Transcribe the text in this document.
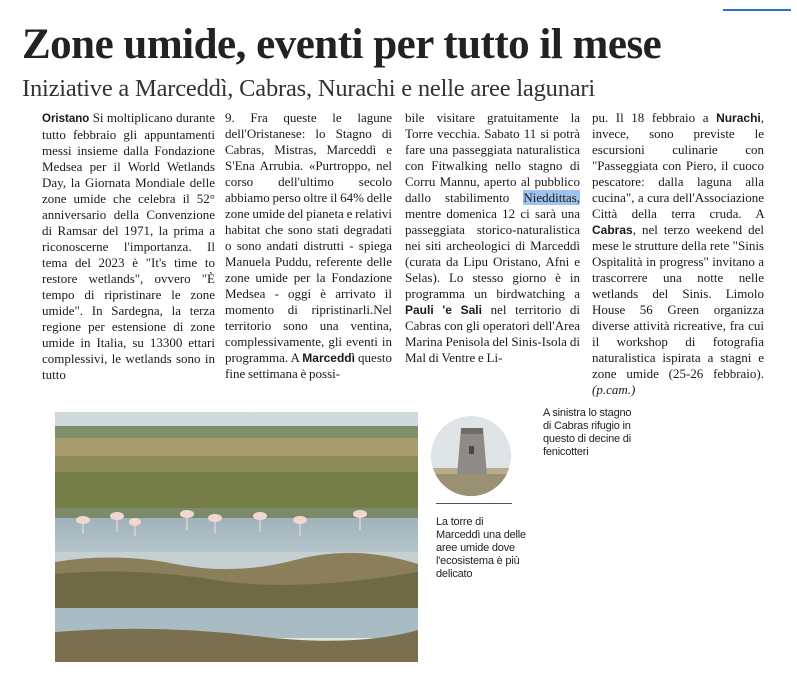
Zone umide, eventi per tutto il mese
Iniziative a Marceddì, Cabras, Nurachi e nelle aree lagunari

Oristano Si moltiplicano durante tutto febbraio gli appuntamenti messi insieme dalla Fondazione Medsea per il World Wetlands Day, la Giornata Mondiale delle zone umide che celebra il 52° anniversario della Convenzione di Ramsar del 1971, la prima a riconoscerne l'importanza. Il tema del 2023 è "It's time to restore wetlands", ovvero "È tempo di ripristinare le zone umide". In Sardegna, la terza regione per estensione di zone umide in Italia, su 13300 ettari complessivi, le wetlands sono in tutto

9. Fra queste le lagune dell'Oristanese: lo Stagno di Cabras, Mistras, Marceddì e S'Ena Arrubia. «Purtroppo, nel corso dell'ultimo secolo abbiamo perso oltre il 64% delle zone umide del pianeta e relativi habitat che sono stati degradati o sono andati distrutti - spiega Manuela Puddu, referente delle zone umide per la Fondazione Medsea - oggi è arrivato il momento di ripristinarli.Nel territorio sono una ventina, complessivamente, gli eventi in programma. A Marceddì questo fine settimana è possi-

bile visitare gratuitamente la Torre vecchia. Sabato 11 si potrà fare una passeggiata naturalistica con Fitwalking nello stagno di Corru Mannu, aperto al pubblico dallo stabilimento Nieddittas, mentre domenica 12 ci sarà una passeggiata storico-naturalistica nei siti archeologici di Marceddì (curata da Lipu Oristano, Afni e Selas). Lo stesso giorno è in programma un birdwatching a Pauli 'e Sali nel territorio di Cabras con gli operatori dell'Area Marina Penisola del Sinis-Isola di Mal di Ventre e Li-

pu. Il 18 febbraio a Nurachi, invece, sono previste le escursioni culinarie con "Passeggiata con Piero, il cuoco pescatore: dalla laguna alla cucina", a cura dell'Associazione Città della terra cruda. A Cabras, nel terzo weekend del mese le strutture della rete "Sinis Ospitalità in progress" invitano a trascorrere una notte nelle wetlands del Sinis. Limolo House 56 Green organizza diverse attività ricreative, fra cui il workshop di fotografia naturalistica ispirata a stagni e zone umide (25-26 febbraio). (p.cam.)

A sinistra lo stagno di Cabras rifugio in questo di decine di fenicotteri
La torre di Marceddì una delle aree umide dove l'ecosistema è più delicato
